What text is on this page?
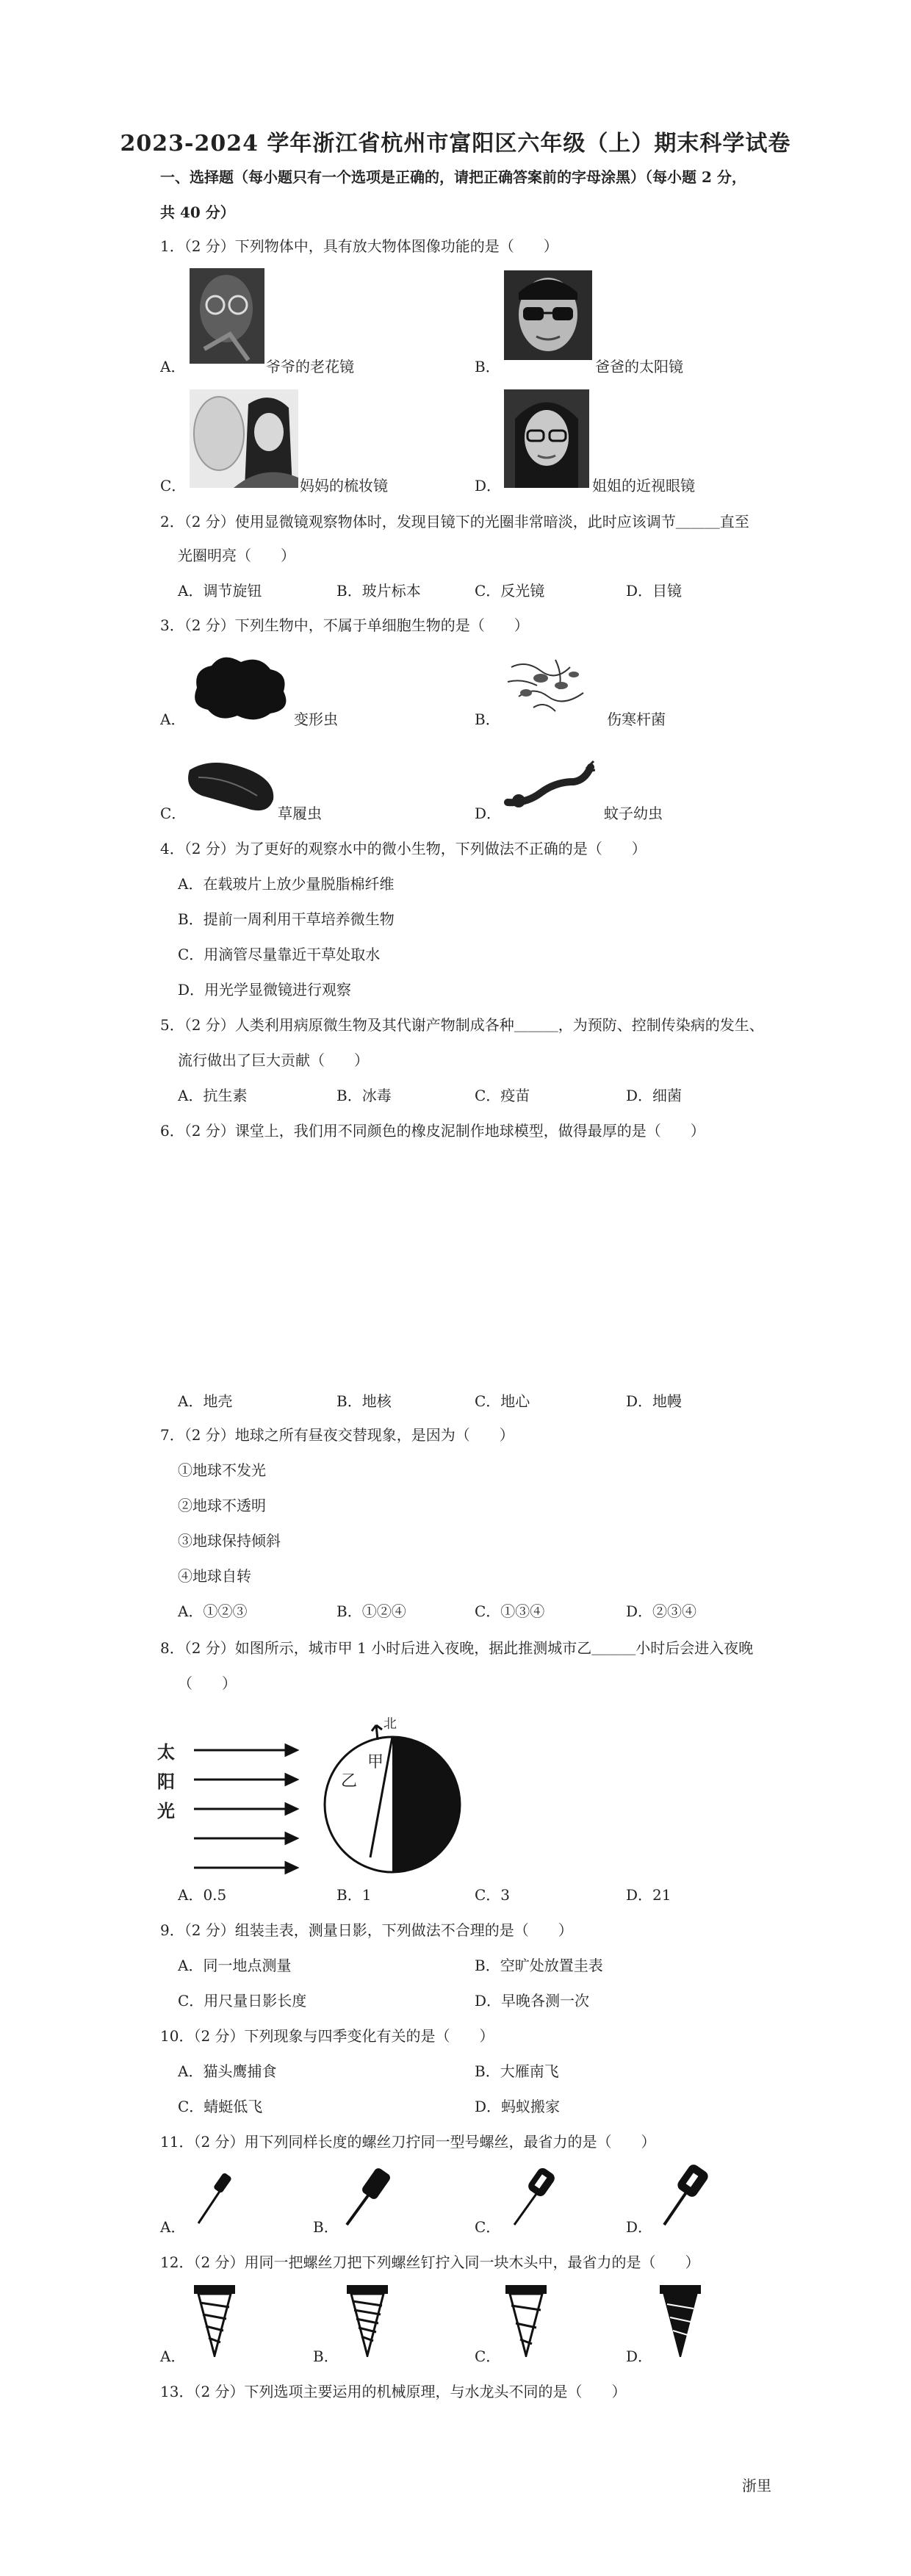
2023-2024 学年浙江省杭州市富阳区六年级（上）期末科学试卷
一、选择题（每小题只有一个选项是正确的，请把正确答案前的字母涂黑）（每小题 2 分，
共 40 分）
1．（2 分）下列物体中，具有放大物体图像功能的是（　　）
A．	爷爷的老花镜	B．	爸爸的太阳镜
C．	妈妈的梳妆镜	D．	姐姐的近视眼镜
2．（2 分）使用显微镜观察物体时，发现目镜下的光圈非常暗淡，此时应该调节＿＿＿直至
光圈明亮（　　）
A．调节旋钮	B．玻片标本	C．反光镜	D．目镜
3．（2 分）下列生物中，不属于单细胞生物的是（　　）
A．	变形虫	B．	伤寒杆菌
C．	草履虫	D．	蚊子幼虫
4．（2 分）为了更好的观察水中的微小生物，下列做法不正确的是（　　）
A．在载玻片上放少量脱脂棉纤维
B．提前一周利用干草培养微生物
C．用滴管尽量靠近干草处取水
D．用光学显微镜进行观察
5．（2 分）人类利用病原微生物及其代谢产物制成各种＿＿＿，为预防、控制传染病的发生、
流行做出了巨大贡献（　　）
A．抗生素	B．冰毒	C．疫苗	D．细菌
6．（2 分）课堂上，我们用不同颜色的橡皮泥制作地球模型，做得最厚的是（　　）
A．地壳	B．地核	C．地心	D．地幔
7．（2 分）地球之所有昼夜交替现象，是因为（　　）
①地球不发光
②地球不透明
③地球保持倾斜
④地球自转
A．①②③	B．①②④	C．①③④	D．②③④
8．（2 分）如图所示，城市甲 1 小时后进入夜晚，据此推测城市乙＿＿＿小时后会进入夜晚
（　　）
太
阳
光
乙
甲
北
A．0.5	B．1	C．3	D．21
9．（2 分）组装圭表，测量日影，下列做法不合理的是（　　）
A．同一地点测量	B．空旷处放置圭表
C．用尺量日影长度	D．早晚各测一次
10．（2 分）下列现象与四季变化有关的是（　　）
A．猫头鹰捕食	B．大雁南飞
C．蜻蜓低飞	D．蚂蚁搬家
11．（2 分）用下列同样长度的螺丝刀拧同一型号螺丝，最省力的是（　　）
A．	B．	C．	D．
12．（2 分）用同一把螺丝刀把下列螺丝钉拧入同一块木头中，最省力的是（　　）
A．	B．	C．	D．
13．（2 分）下列选项主要运用的机械原理，与水龙头不同的是（　　）
浙里
